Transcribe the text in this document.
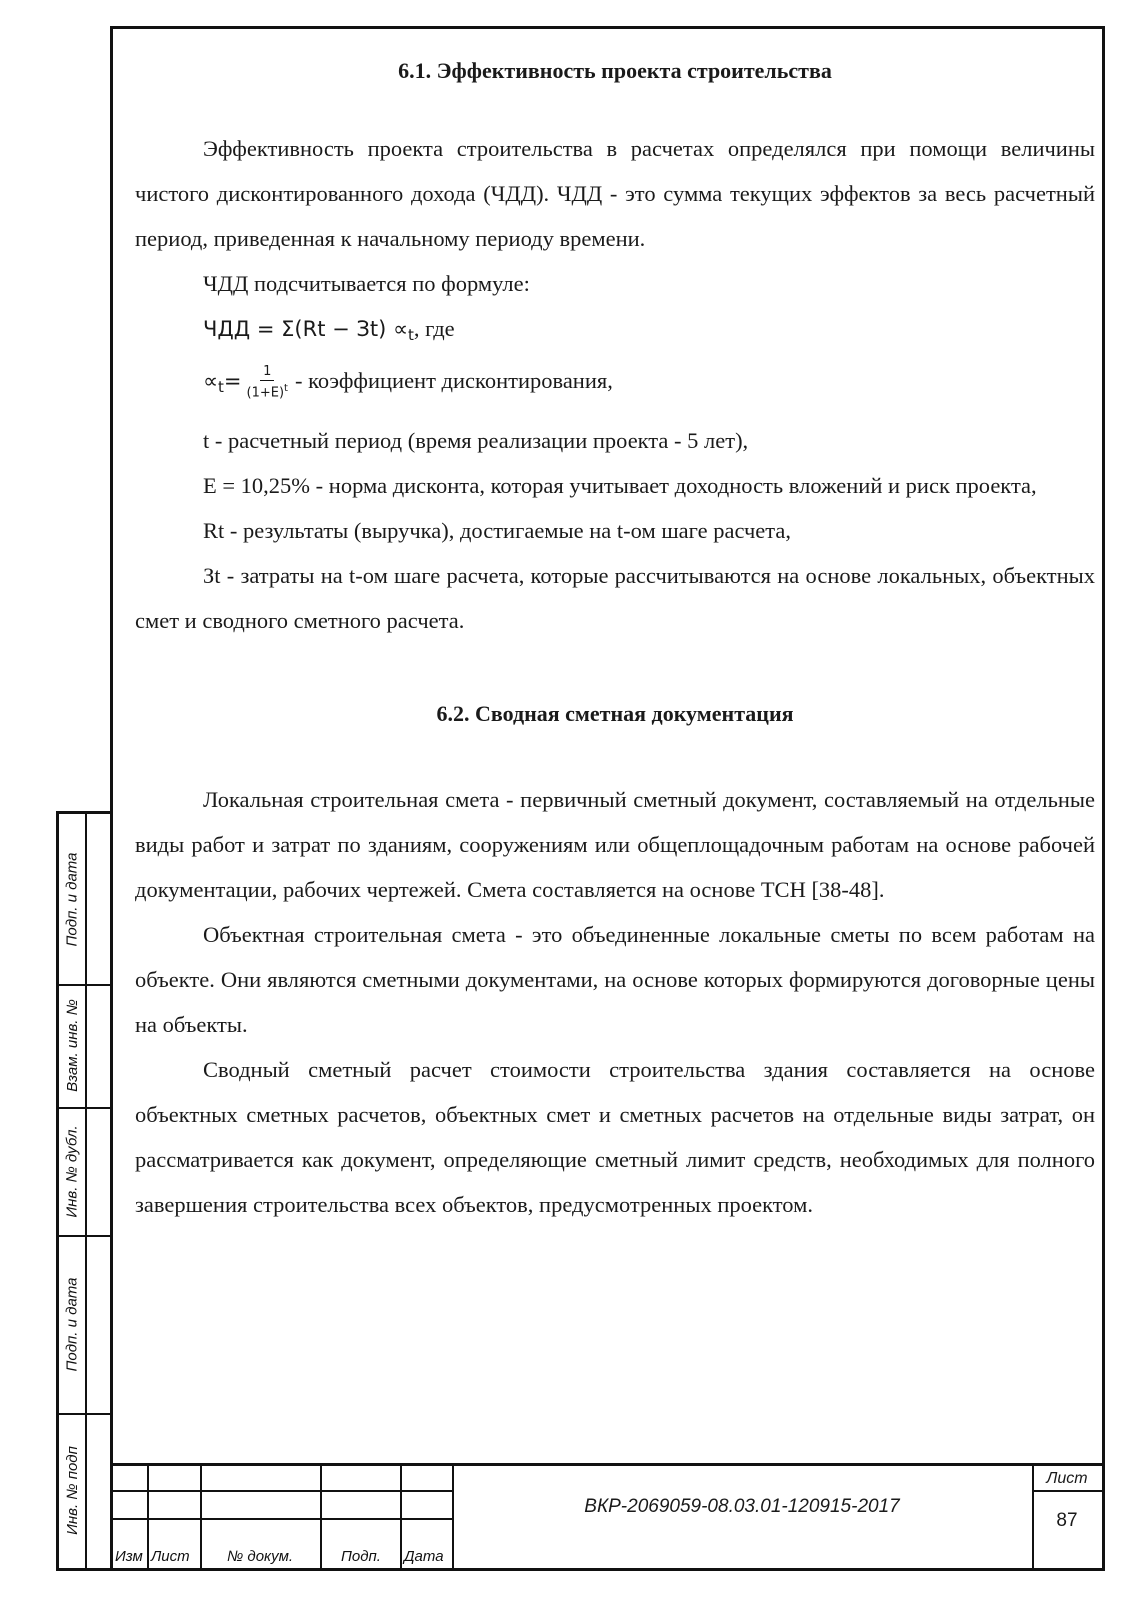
Подп. и дата
Взам. инв. №
Инв. № дубл.
Подп. и дата
Инв. № подп
6.1. Эффективность проекта строительства

Эффективность проекта строительства в расчетах определялся при помощи величины чистого дисконтированного дохода (ЧДД). ЧДД - это сумма текущих эффектов за весь расчетный период, приведенная к начальному периоду времени.

ЧДД подсчитывается по формуле:

ЧДД = $\Sigma(Rt - Зt) \propto_t$, где

$\propto_t= \frac{1}{(1+E)^t}$ - коэффициент дисконтирования,

t - расчетный период (время реализации проекта - 5 лет),

Е = 10,25% - норма дисконта, которая учитывает доходность вложений и риск проекта,

Rt - результаты (выручка), достигаемые на t-ом шаге расчета,

Зt - затраты на t-ом шаге расчета, которые рассчитываются на основе локальных, объектных смет и сводного сметного расчета.

6.2. Сводная сметная документация

Локальная строительная смета - первичный сметный документ, составляемый на отдельные виды работ и затрат по зданиям, сооружениям или общеплощадочным работам на основе рабочей документации, рабочих чертежей. Смета составляется на основе ТСН [38-48].

Объектная строительная смета - это объединенные локальные сметы по всем работам на объекте. Они являются сметными документами, на основе которых формируются договорные цены на объекты.

Сводный сметный расчет стоимости строительства здания составляется на основе объектных сметных расчетов, объектных смет и сметных расчетов на отдельные виды затрат, он рассматривается как документ, определяющие сметный лимит средств, необходимых для полного завершения строительства всех объектов, предусмотренных проектом.

Изм Лист № докум.	Подп. Дата
ВКР-2069059-08.03.01-120915-2017
Лист
87
